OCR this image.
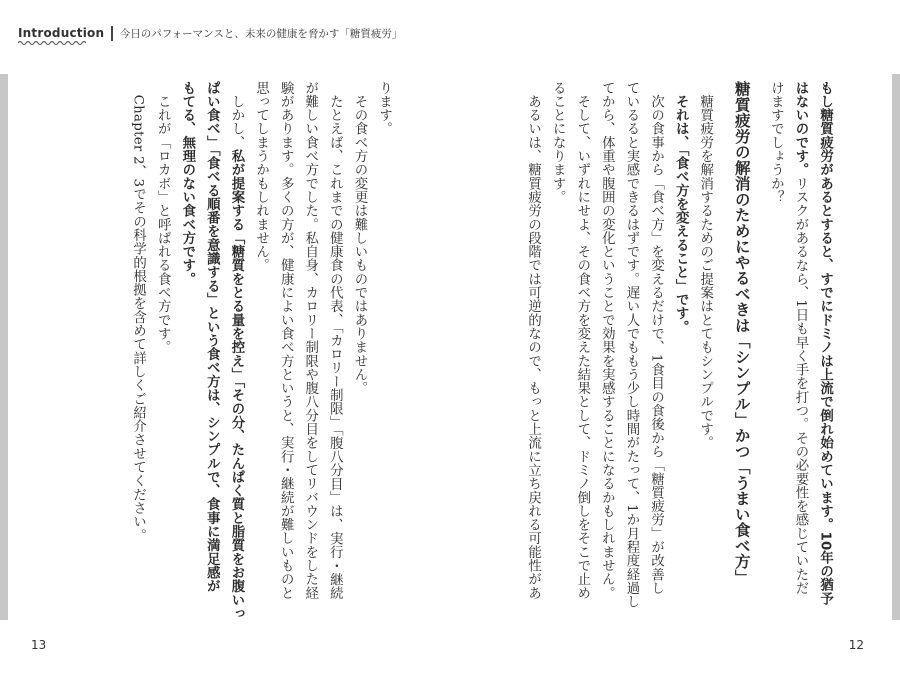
Introduction 今日のパフォーマンスと、未来の健康を脅かす「糖質疲労」

もし糖質疲労があるとすると、すでにドミノは上流で倒れ始めています。10年の猶予

はないのです。リスクがあるなら、1日も早く手を打つ。その必要性を感じていただ

けますでしょうか？

糖質疲労の解消のためにやるべきは「シンプル」かつ「うまい食べ方」

　糖質疲労を解消するためのご提案はとてもシンプルです。

　それは、「食べ方を変えること」です。

　次の食事から「食べ方」を変えるだけで、1食目の食後から「糖質疲労」が改善し

ているると実感できるはずです。遅い人でももう少し時間がたって、1か月程度経過し

てから、体重や腹囲の変化ということで効果を実感することになるかもしれません。

　そして、いずれにせよ、その食べ方を変えた結果として、ドミノ倒しをそこで止め

ることになります。

　あるいは、糖質疲労の段階では可逆的なので、もっと上流に立ち戻れる可能性があ

ります。

　その食べ方の変更は難しいものではありません。

　たとえば、これまでの健康食の代表、「カロリー制限」「腹八分目」は、実行・継続

が難しい食べ方でした。私自身、カロリー制限や腹八分目をしてリバウンドをした経

験があります。多くの方が、健康によい食べ方というと、実行・継続が難しいものと

思ってしまうかもしれません。

　しかし、私が提案する「糖質をとる量を控え」「その分、たんぱく質と脂質をお腹いっ

ぱい食べ」「食べる順番を意識する」という食べ方は、シンプルで、食事に満足感が

もてる、無理のない食べ方です。

　これが「ロカボ」と呼ばれる食べ方です。

　Chapter 2、3でその科学的根拠を含めて詳しくご紹介させてください。

13	12
